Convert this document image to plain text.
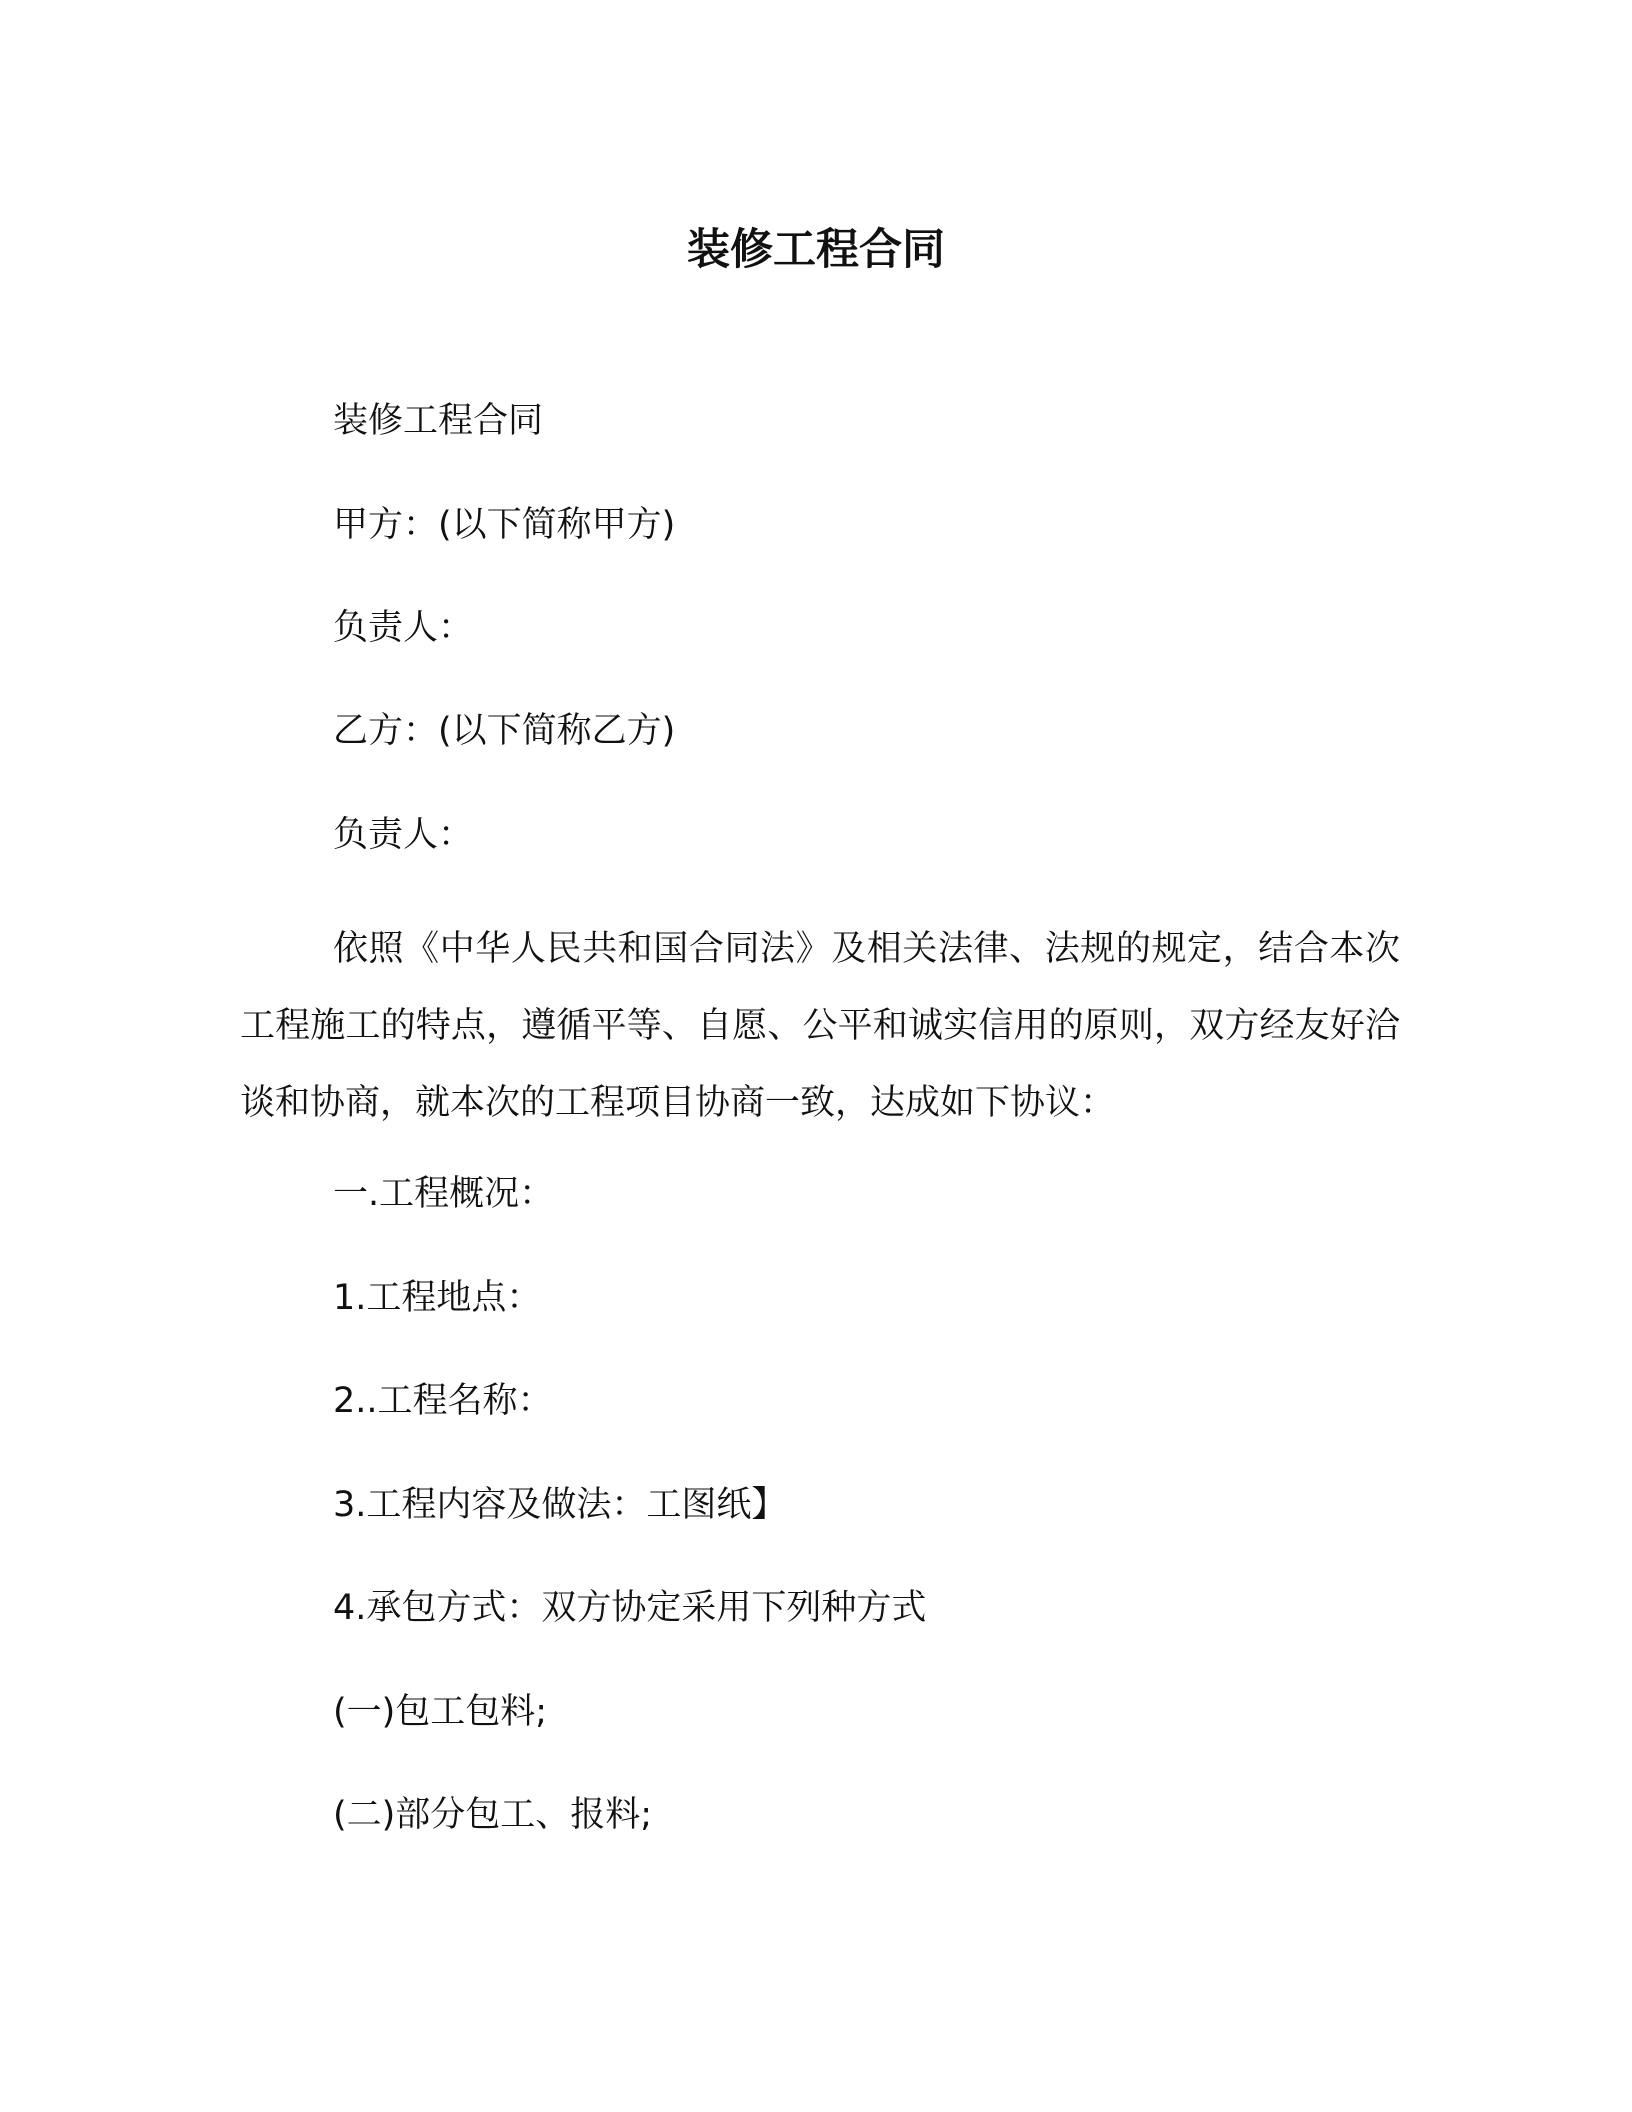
装修工程合同

装修工程合同

甲方：(以下简称甲方)

负责人：

乙方：(以下简称乙方)

负责人：

依照《中华人民共和国合同法》及相关法律、法规的规定，结合本次工程施工的特点，遵循平等、自愿、公平和诚实信用的原则，双方经友好洽谈和协商，就本次的工程项目协商一致，达成如下协议：

一.工程概况：

1.工程地点：

2..工程名称：

3.工程内容及做法：工图纸】

4.承包方式：双方协定采用下列种方式

(一)包工包料;

(二)部分包工、报料;
